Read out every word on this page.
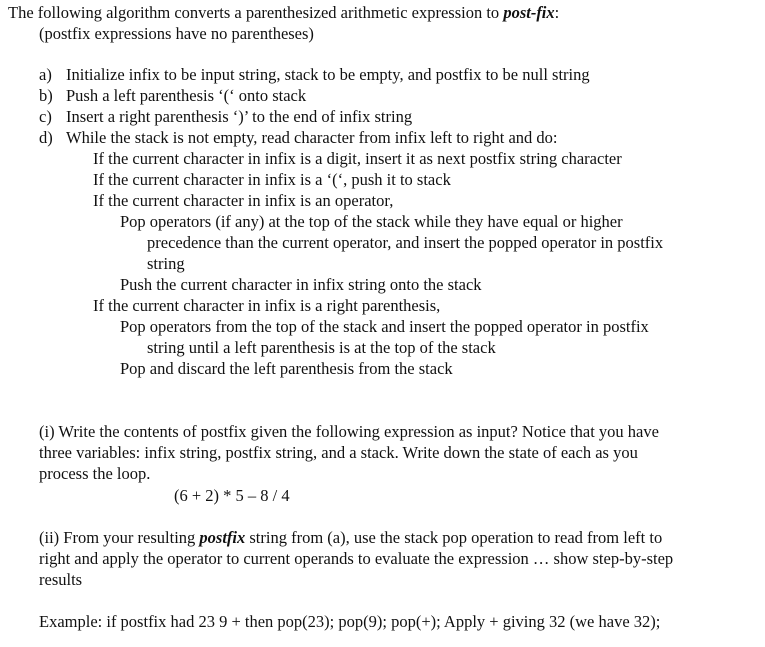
The following algorithm converts a parenthesized arithmetic expression to post-fix:
(postfix expressions have no parentheses)
a) Initialize infix to be input string, stack to be empty, and postfix to be null string
b) Push a left parenthesis ‘(‘ onto stack
c) Insert a right parenthesis ‘)’ to the end of infix string
d) While the stack is not empty, read character from infix left to right and do:
If the current character in infix is a digit, insert it as next postfix string character
If the current character in infix is a ‘(‘, push it to stack
If the current character in infix is an operator,
Pop operators (if any) at the top of the stack while they have equal or higher
precedence than the current operator, and insert the popped operator in postfix
string
Push the current character in infix string onto the stack
If the current character in infix is a right parenthesis,
Pop operators from the top of the stack and insert the popped operator in postfix
string until a left parenthesis is at the top of the stack
Pop and discard the left parenthesis from the stack
(i) Write the contents of postfix given the following expression as input? Notice that you have
three variables: infix string, postfix string, and a stack. Write down the state of each as you
process the loop.
(6 + 2) * 5 – 8 / 4
(ii) From your resulting postfix string from (a), use the stack pop operation to read from left to
right and apply the operator to current operands to evaluate the expression … show step-by-step
results
Example: if postfix had 23 9 + then pop(23); pop(9); pop(+); Apply + giving 32 (we have 32);
